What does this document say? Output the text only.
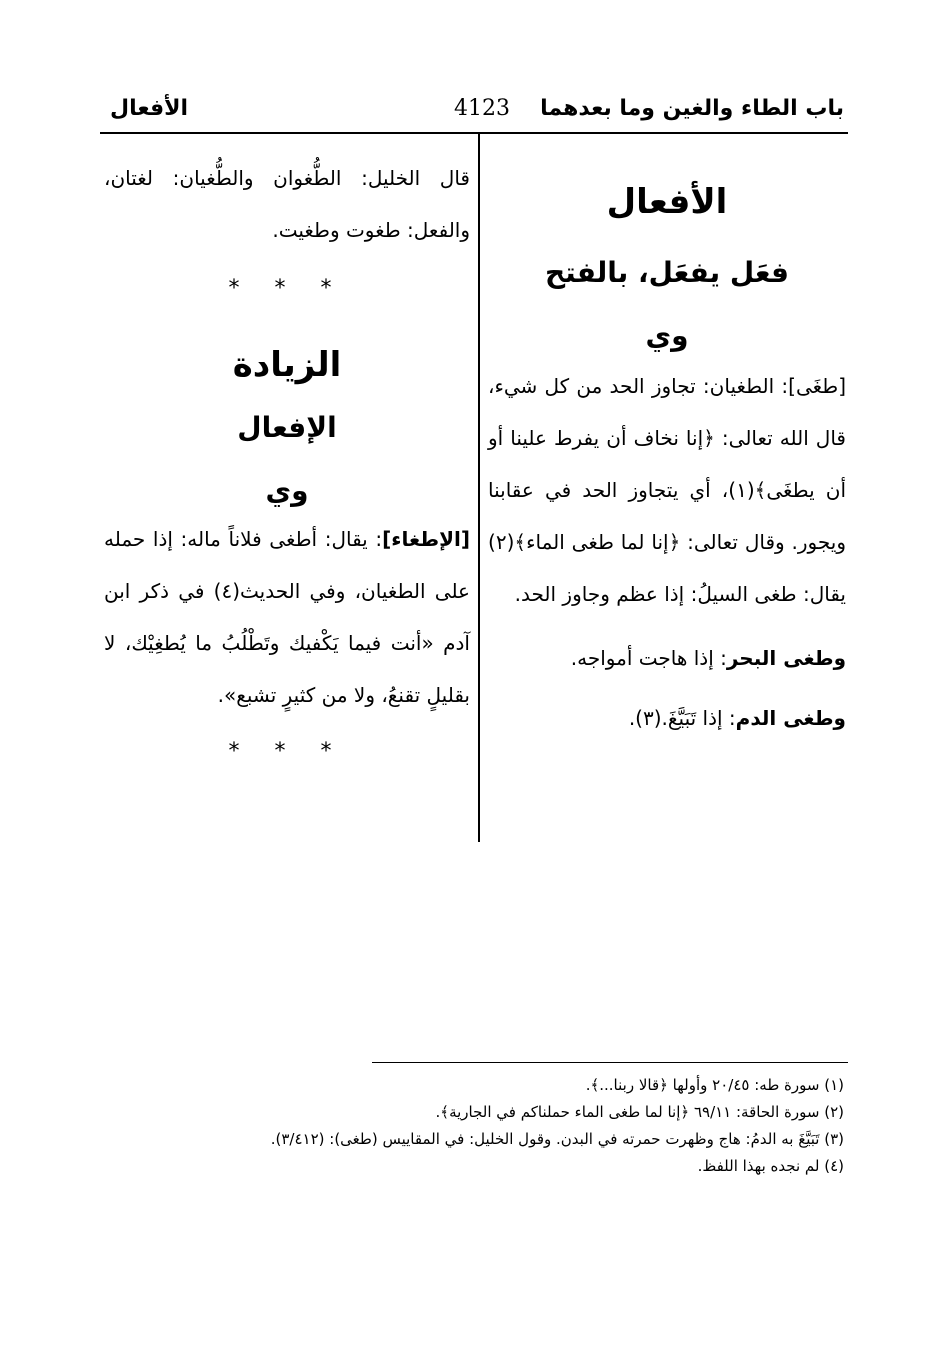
باب الطاء والغين وما بعدهما
4123
الأفعال

الأفعال

فعَل يفعَل، بالفتح

وي

[طغَى]: الطغيان: تجاوز الحد من كل شيء، قال الله تعالى: ﴿إنا نخاف أن يفرط علينا أو أن يطغَى﴾(١)، أي يتجاوز الحد في عقابنا ويجور. وقال تعالى: ﴿إنا لما طغى الماء﴾(٢) يقال: طغى السيلُ: إذا عظم وجاوز الحد.

وطغى البحر: إذا هاجت أمواجه.

وطغى الدم: إذا تَبَيَّغَ.(٣).

قال الخليل: الطُّغوان والطُّغيان: لغتان، والفعل: طغوت وطغيت.

* * *

الزيادة

الإفعال

وي

[الإطغاء]: يقال: أطغى فلاناً ماله: إذا حمله على الطغيان، وفي الحديث(٤) في ذكر ابن آدم «أنت فيما يَكْفيك وتَطْلُبُ ما يُطغِيْك، لا بقليلٍ تقنعُ، ولا من كثيرٍ تشبع».

* * *

(١) سورة طه: ٢٠/٤٥ وأولها ﴿قالا ربنا...﴾.
(٢) سورة الحاقة: ٦٩/١١ ﴿إنا لما طغى الماء حملناكم في الجارية﴾.
(٣) تَبَيَّغَ به الدمُ: هاج وظهرت حمرته في البدن. وقول الخليل: في المقاييس (طغى): (٣/٤١٢).
(٤) لم نجده بهذا اللفظ.
